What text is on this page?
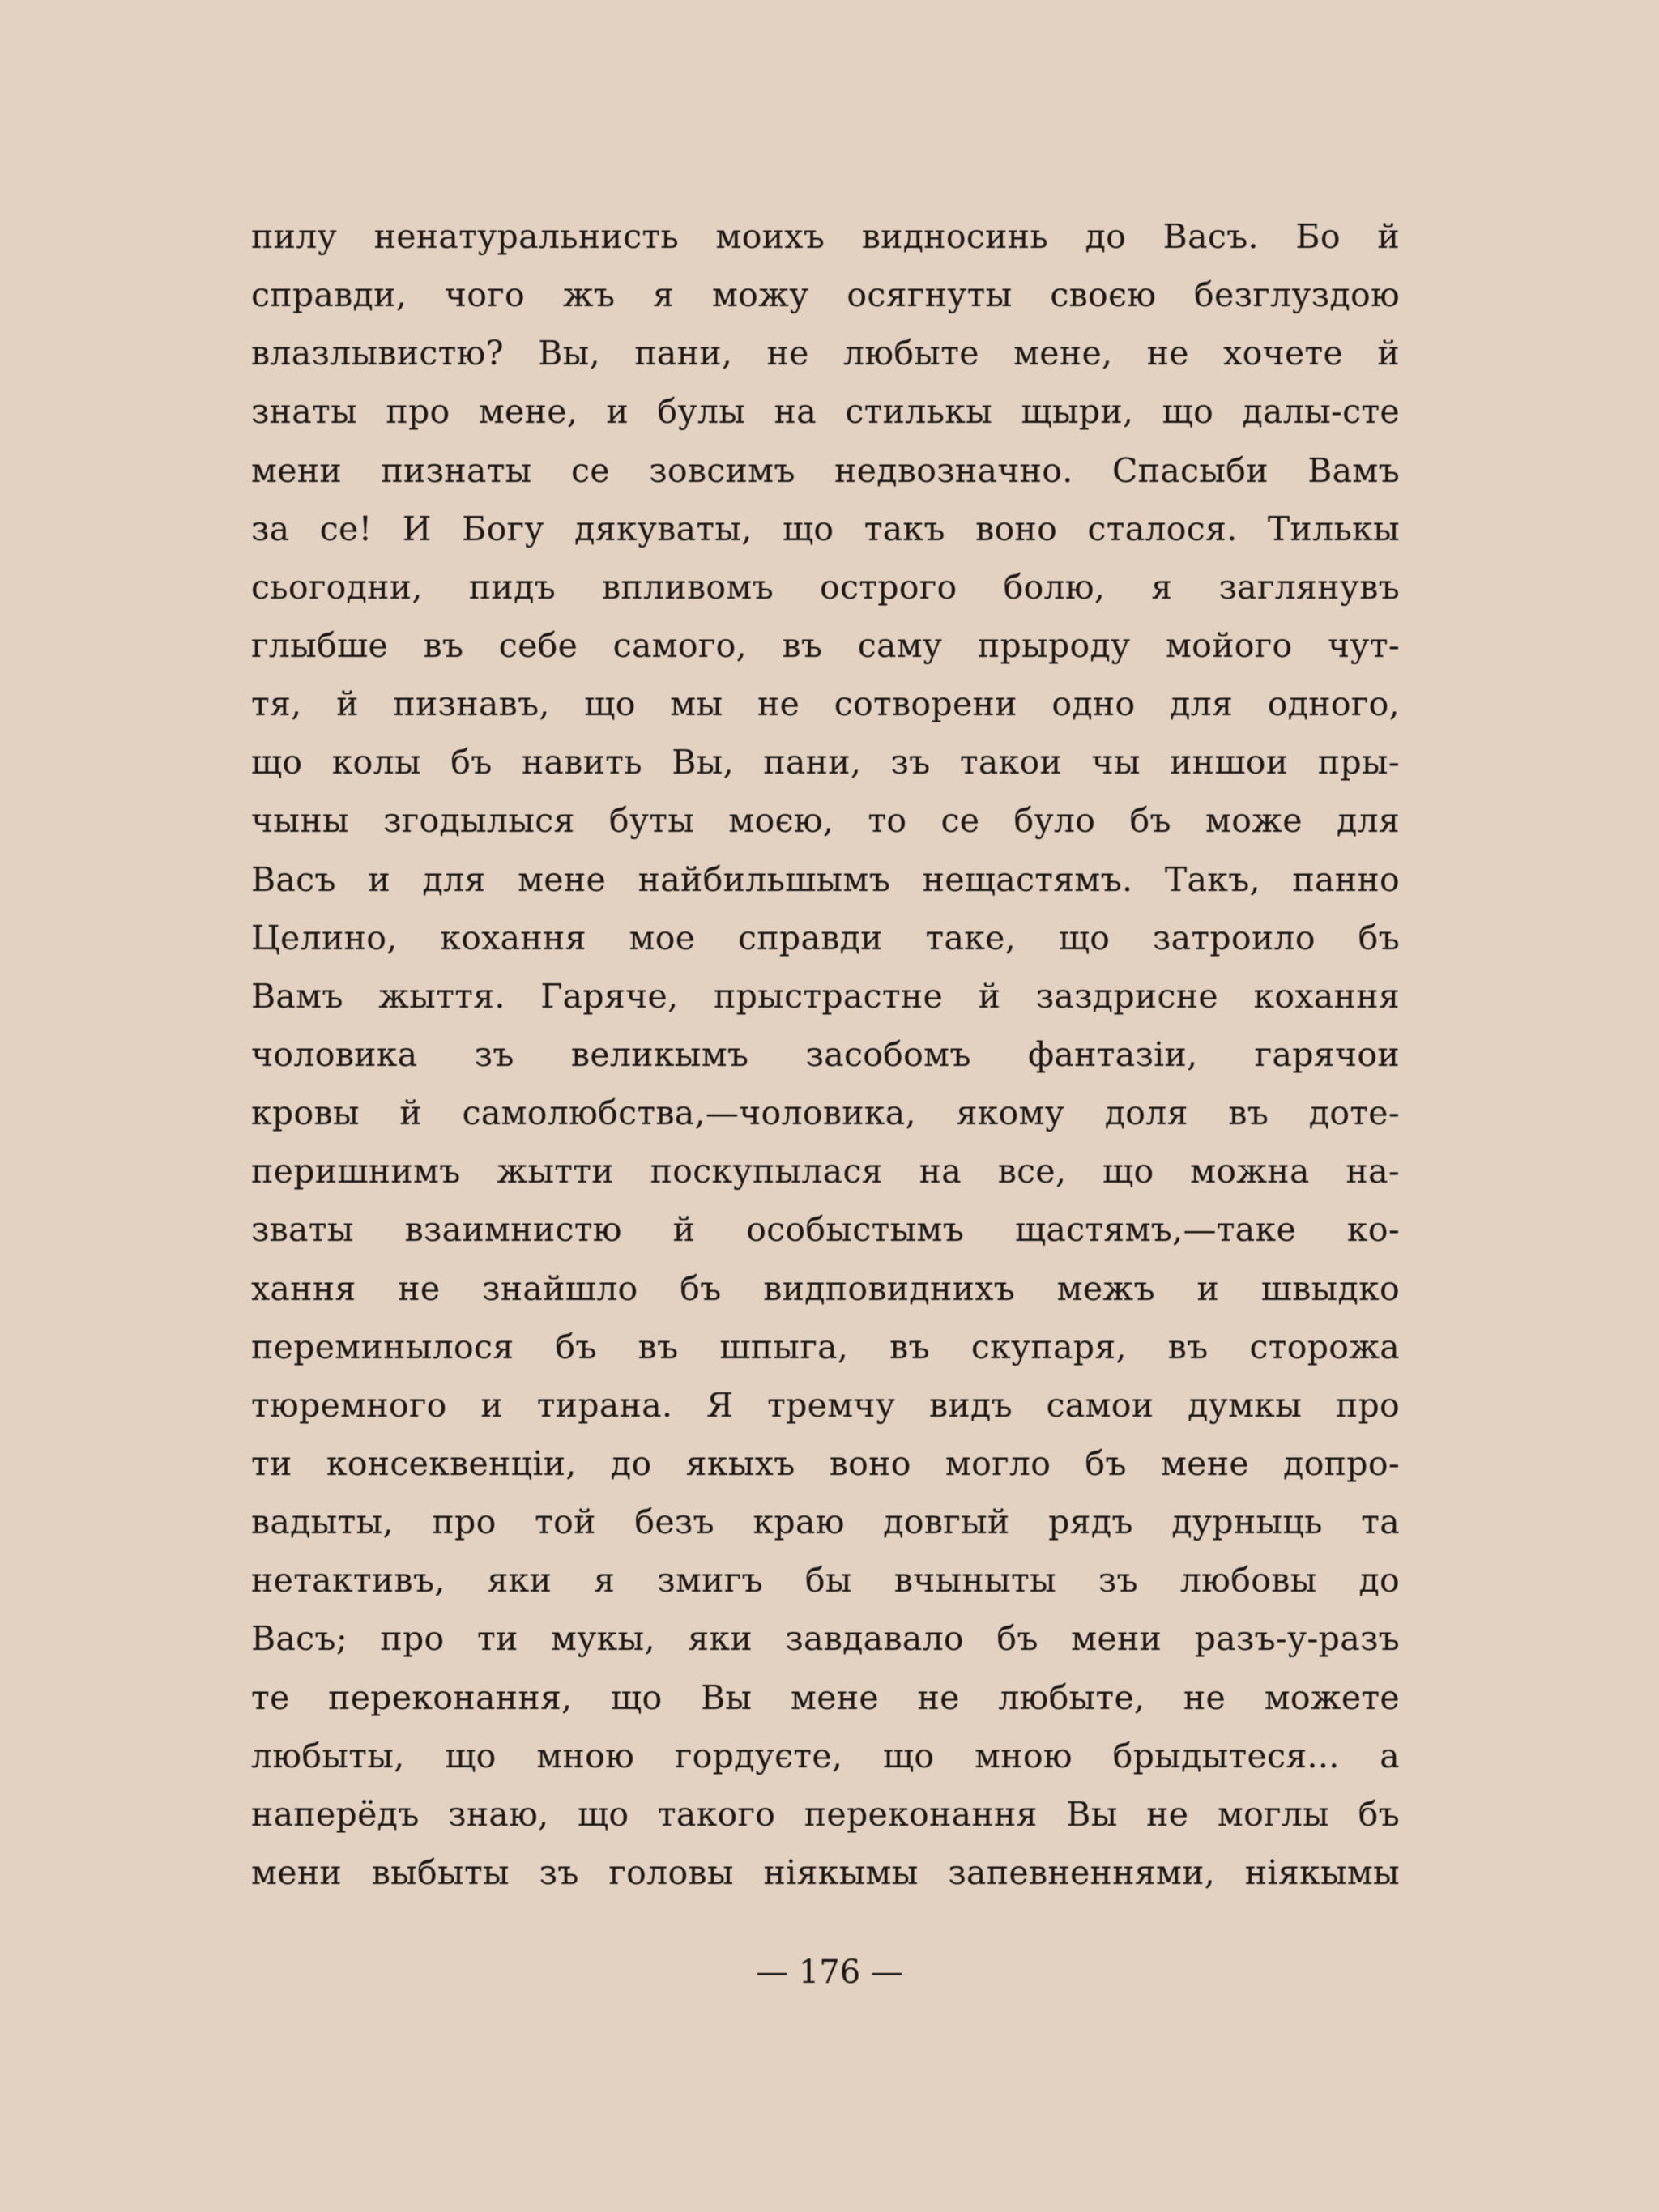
пилу ненатуральнисть моихъ видносинь до Васъ. Бо й
справди, чого жъ я можу осягнуты своєю безглуздою
влазлывистю? Вы, пани, не любыте мене, не хочете й
знаты про мене, и булы на стилькы щыри, що далы-сте
мени пизнаты се зовсимъ недвозначно. Спасыби Вамъ
за се! И Богу дякуваты, що такъ воно сталося. Тилькы
сьогодни, пидъ впливомъ острого болю, я заглянувъ
глыбше въ себе самого, въ саму прыроду мойого чут-
тя, й пизнавъ, що мы не сотворени одно для одного,
що колы бъ навить Вы, пани, зъ такои чы иншои пры-
чыны згодылыся буты моєю, то се було бъ може для
Васъ и для мене найбильшымъ нещастямъ. Такъ, панно
Целино, кохання мое справди таке, що затроило бъ
Вамъ жыття. Гаряче, прыстрастне й заздрисне кохання
чоловика зъ великымъ засобомъ фантазіи, гарячои
кровы й самолюбства,—чоловика, якому доля въ дотe-
перишнимъ жытти поскупылася на все, що можна на-
зваты взаимнистю й особыстымъ щастямъ,—таке ко-
хання не знайшло бъ видповиднихъ межъ и швыдко
переминылося бъ въ шпыга, въ скупаря, въ сторожа
тюремного и тирана. Я тремчу видъ самои думкы про
ти консеквенціи, до якыхъ воно могло бъ мене допро-
вадыты, про той безъ краю довгый рядъ дурныць та
нетактивъ, яки я змигъ бы вчыныты зъ любовы до
Васъ; про ти мукы, яки завдавало бъ мени разъ-у-разъ
те переконання, що Вы мене не любыте, не можете
любыты, що мною гордуєте, що мною брыдытеся... а
наперёдъ знаю, що такого переконання Вы не моглы бъ
мени выбыты зъ головы ніякымы запевненнями, ніякымы
— 176 —
